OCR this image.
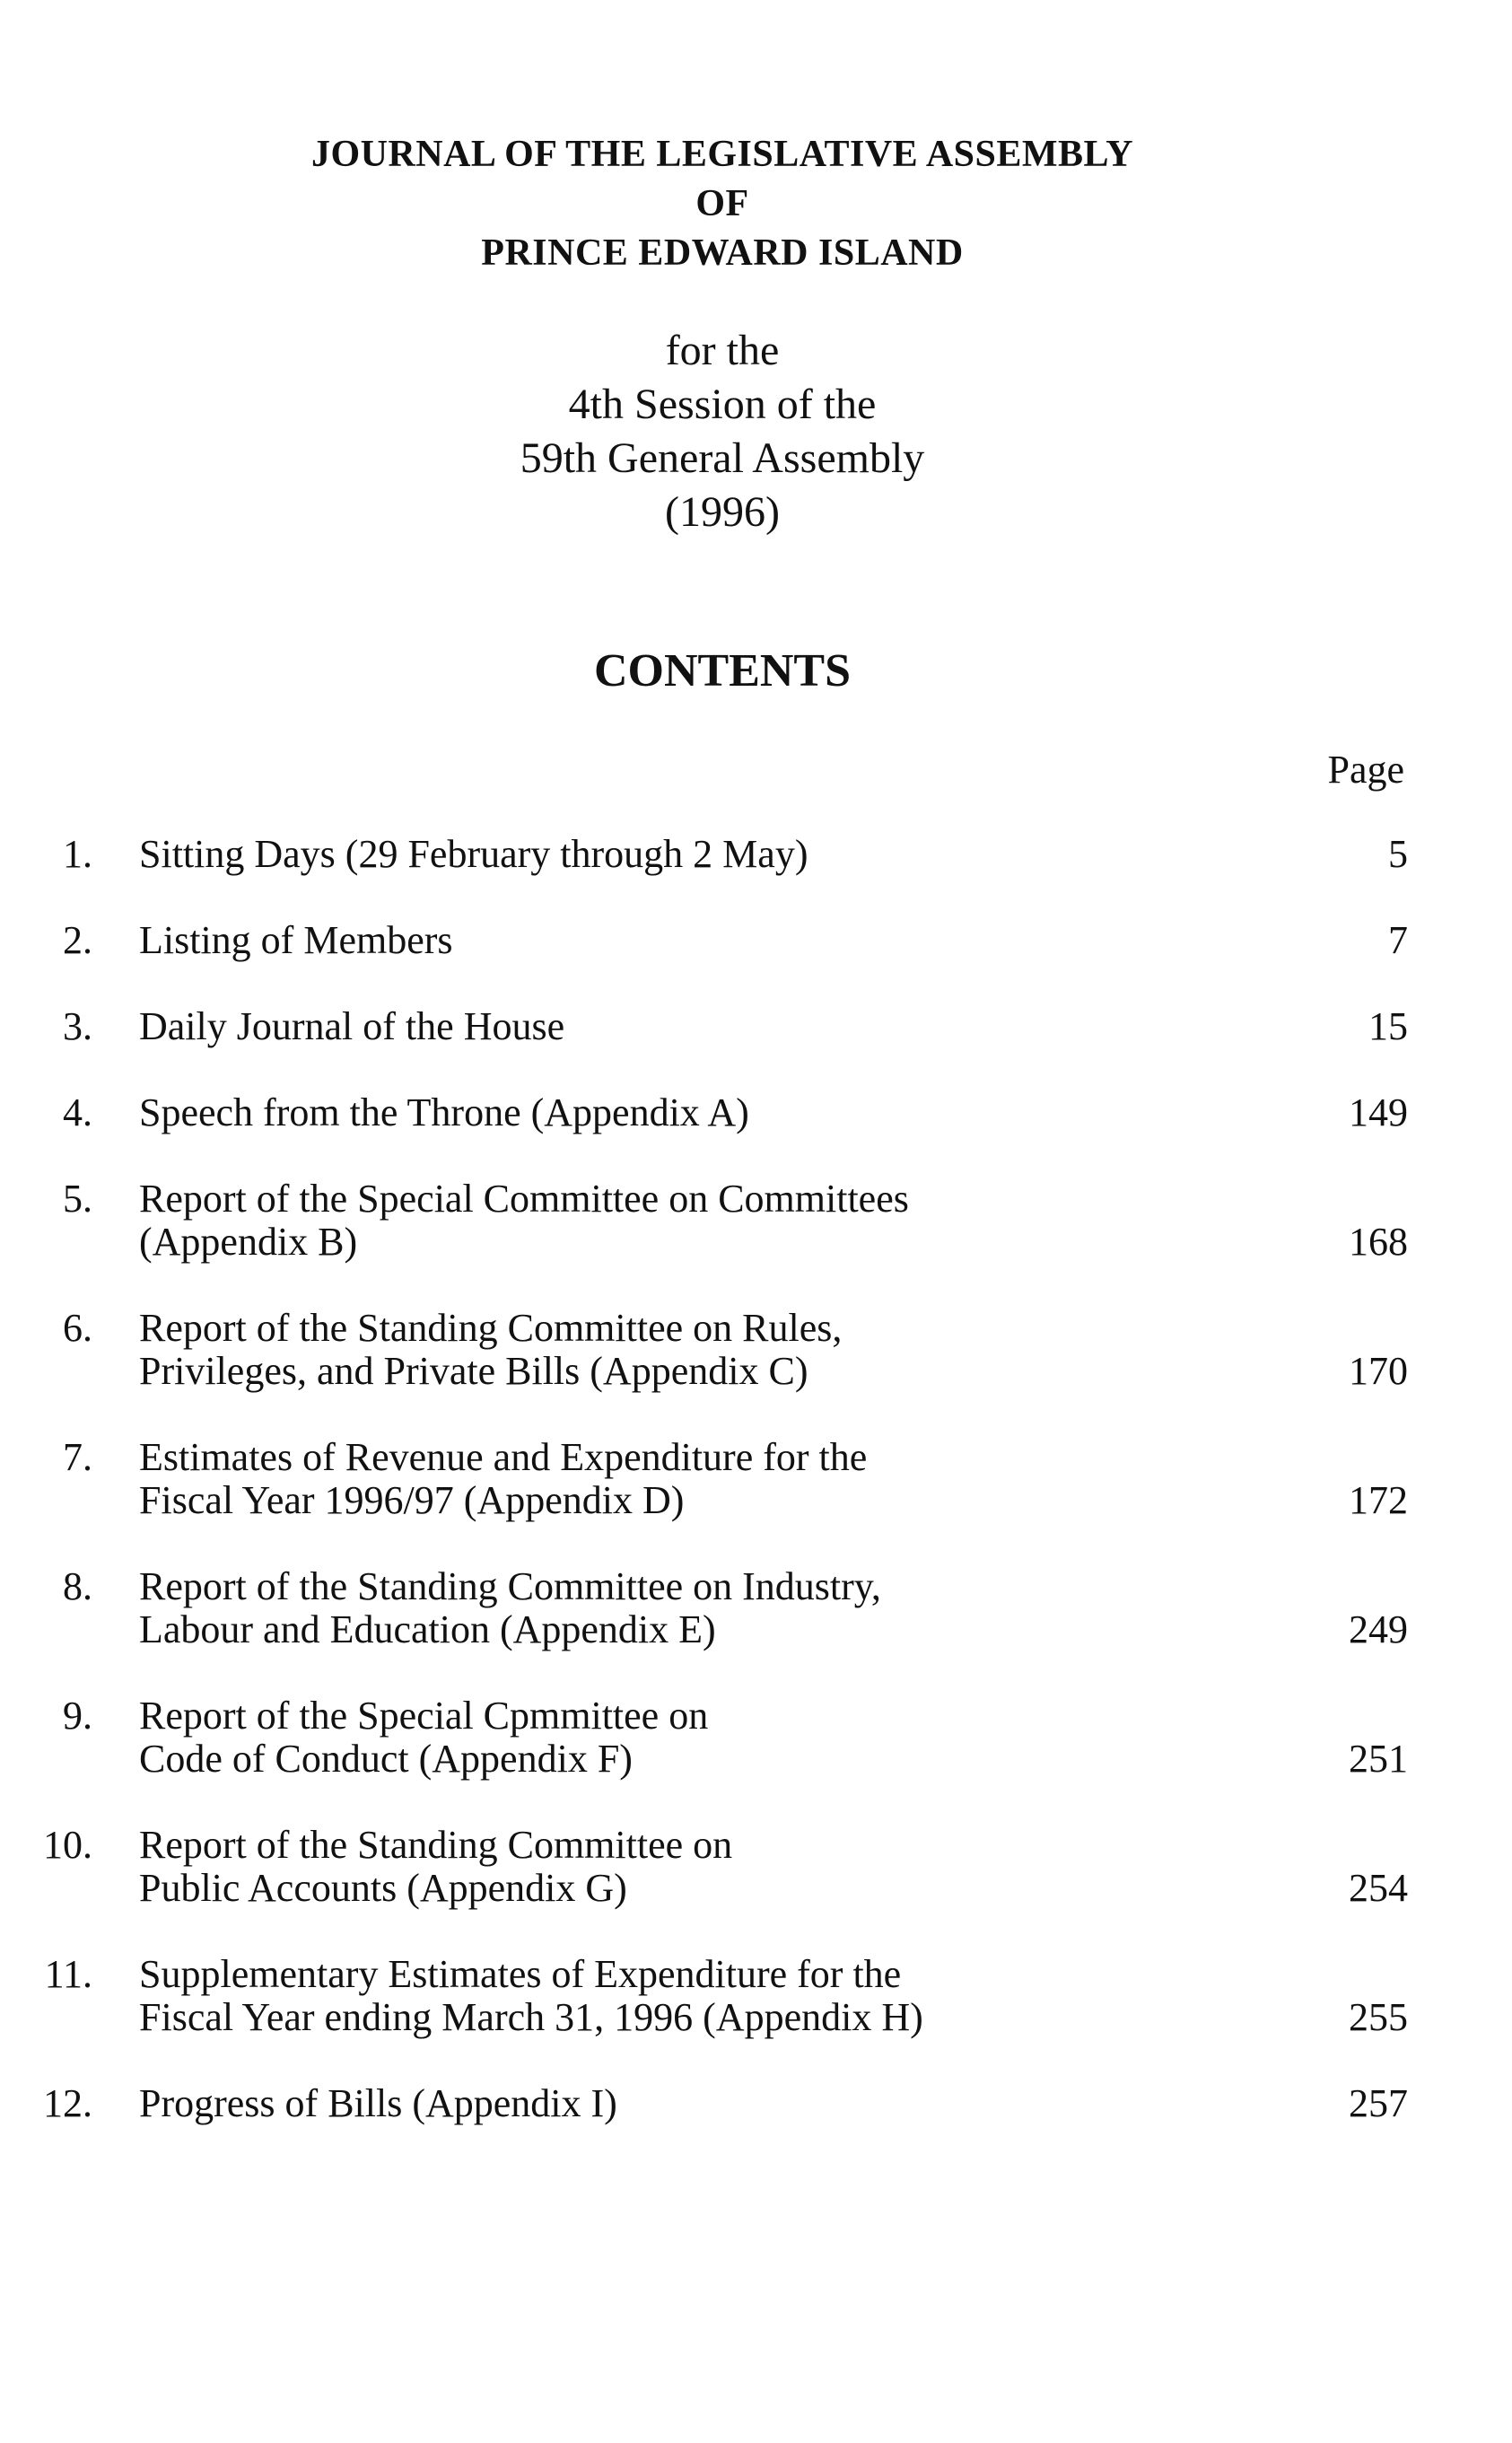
JOURNAL OF THE LEGISLATIVE ASSEMBLY
OF
PRINCE EDWARD ISLAND
for the
4th Session of the
59th General Assembly
(1996)
CONTENTS
Page
1. Sitting Days (29 February through 2 May)	5
2. Listing of Members	7
3. Daily Journal of the House	15
4. Speech from the Throne (Appendix A)	149
5. Report of the Special Committee on Committees
(Appendix B)	168
6. Report of the Standing Committee on Rules,
Privileges, and Private Bills (Appendix C)	170
7. Estimates of Revenue and Expenditure for the
Fiscal Year 1996/97 (Appendix D)	172
8. Report of the Standing Committee on Industry,
Labour and Education (Appendix E)	249
9. Report of the Special Cpmmittee on
Code of Conduct (Appendix F)	251
10. Report of the Standing Committee on
Public Accounts (Appendix G)	254
11. Supplementary Estimates of Expenditure for the
Fiscal Year ending March 31, 1996 (Appendix H)	255
12. Progress of Bills (Appendix I)	257
